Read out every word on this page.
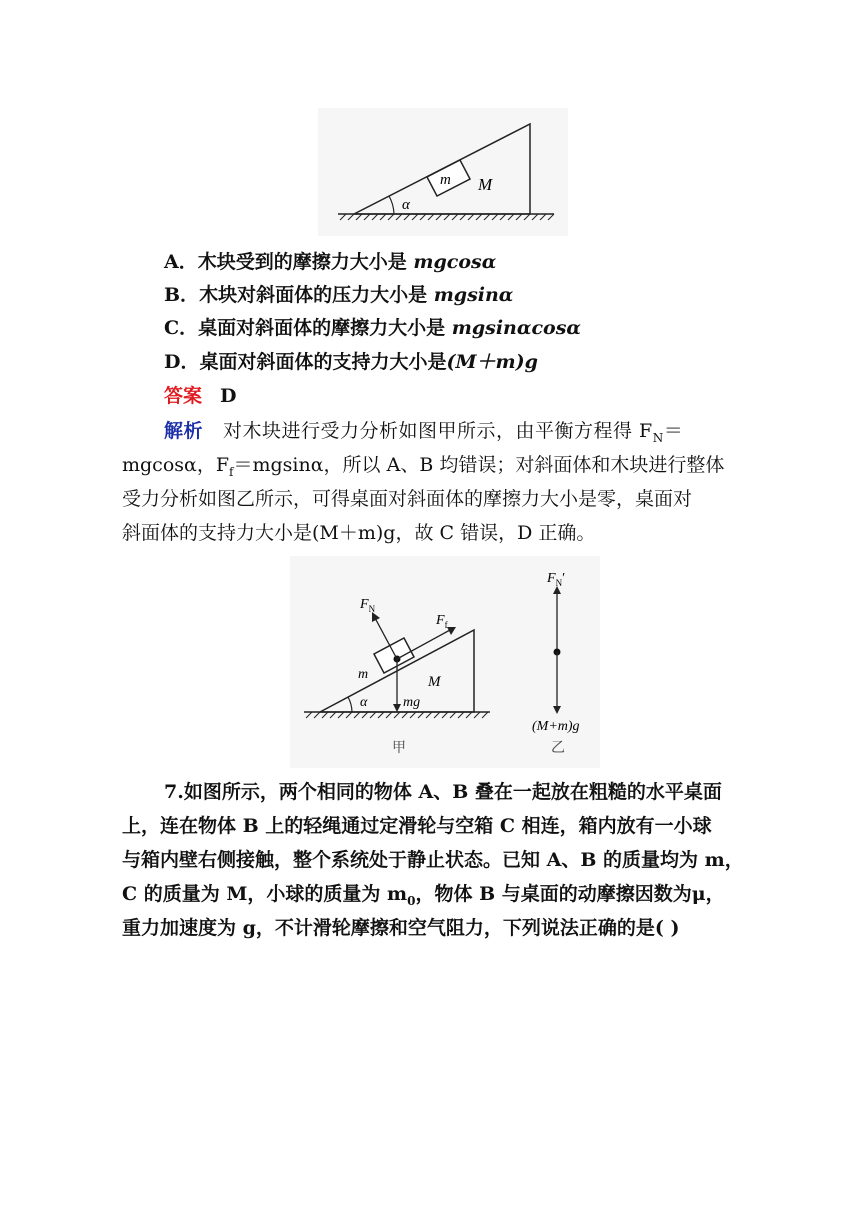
m M
α
A．木块受到的摩擦力大小是 mgcosα
B．木块对斜面体的压力大小是 mgsinα
C．桌面对斜面体的摩擦力大小是 mgsinαcosα
D．桌面对斜面体的支持力大小是(M＋m)g
答案 D
解析 对木块进行受力分析如图甲所示，由平衡方程得 $F_N=$
mgcosα，$F_f=mgsin\alpha$，所以 A、B 均错误；对斜面体和木块进行整体
受力分析如图乙所示，可得桌面对斜面体的摩擦力大小是零，桌面对
斜面体的支持力大小是(M＋m)g，故 C 错误，D 正确。
$F_N$
$F_f$
m	M
α	mg
甲
$F_N'$
(M+m)g
乙
7.如图所示，两个相同的物体 A、B 叠在一起放在粗糙的水平桌面
上，连在物体 B 上的轻绳通过定滑轮与空箱 C 相连，箱内放有一小球
与箱内壁右侧接触，整个系统处于静止状态。已知 A、B 的质量均为 m，
C 的质量为 M，小球的质量为 $m_0$，物体 B 与桌面的动摩擦因数为μ，
重力加速度为 g，不计滑轮摩擦和空气阻力，下列说法正确的是( )
